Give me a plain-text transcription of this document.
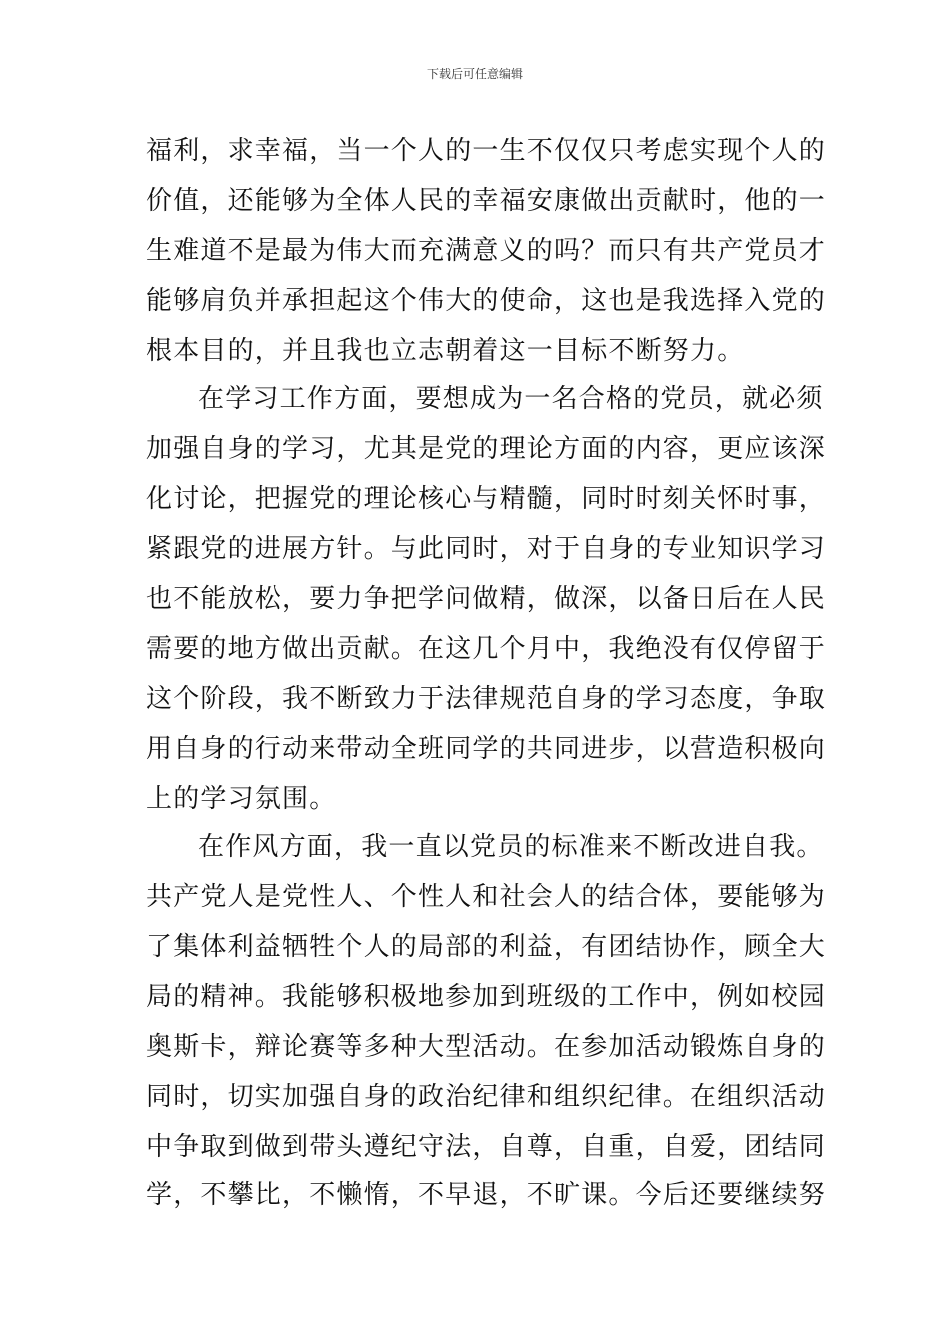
下载后可任意编辑
福利，求幸福，当一个人的一生不仅仅只考虑实现个人的
价值，还能够为全体人民的幸福安康做出贡献时，他的一
生难道不是最为伟大而充满意义的吗？而只有共产党员才
能够肩负并承担起这个伟大的使命，这也是我选择入党的
根本目的，并且我也立志朝着这一目标不断努力。
在学习工作方面，要想成为一名合格的党员，就必须
加强自身的学习，尤其是党的理论方面的内容，更应该深
化讨论，把握党的理论核心与精髓，同时时刻关怀时事，
紧跟党的进展方针。与此同时，对于自身的专业知识学习
也不能放松，要力争把学问做精，做深，以备日后在人民
需要的地方做出贡献。在这几个月中，我绝没有仅停留于
这个阶段，我不断致力于法律规范自身的学习态度，争取
用自身的行动来带动全班同学的共同进步，以营造积极向
上的学习氛围。
在作风方面，我一直以党员的标准来不断改进自我。
共产党人是党性人、个性人和社会人的结合体，要能够为
了集体利益牺牲个人的局部的利益，有团结协作，顾全大
局的精神。我能够积极地参加到班级的工作中，例如校园
奥斯卡，辩论赛等多种大型活动。在参加活动锻炼自身的
同时，切实加强自身的政治纪律和组织纪律。在组织活动
中争取到做到带头遵纪守法，自尊，自重，自爱，团结同
学，不攀比，不懒惰，不早退，不旷课。今后还要继续努
